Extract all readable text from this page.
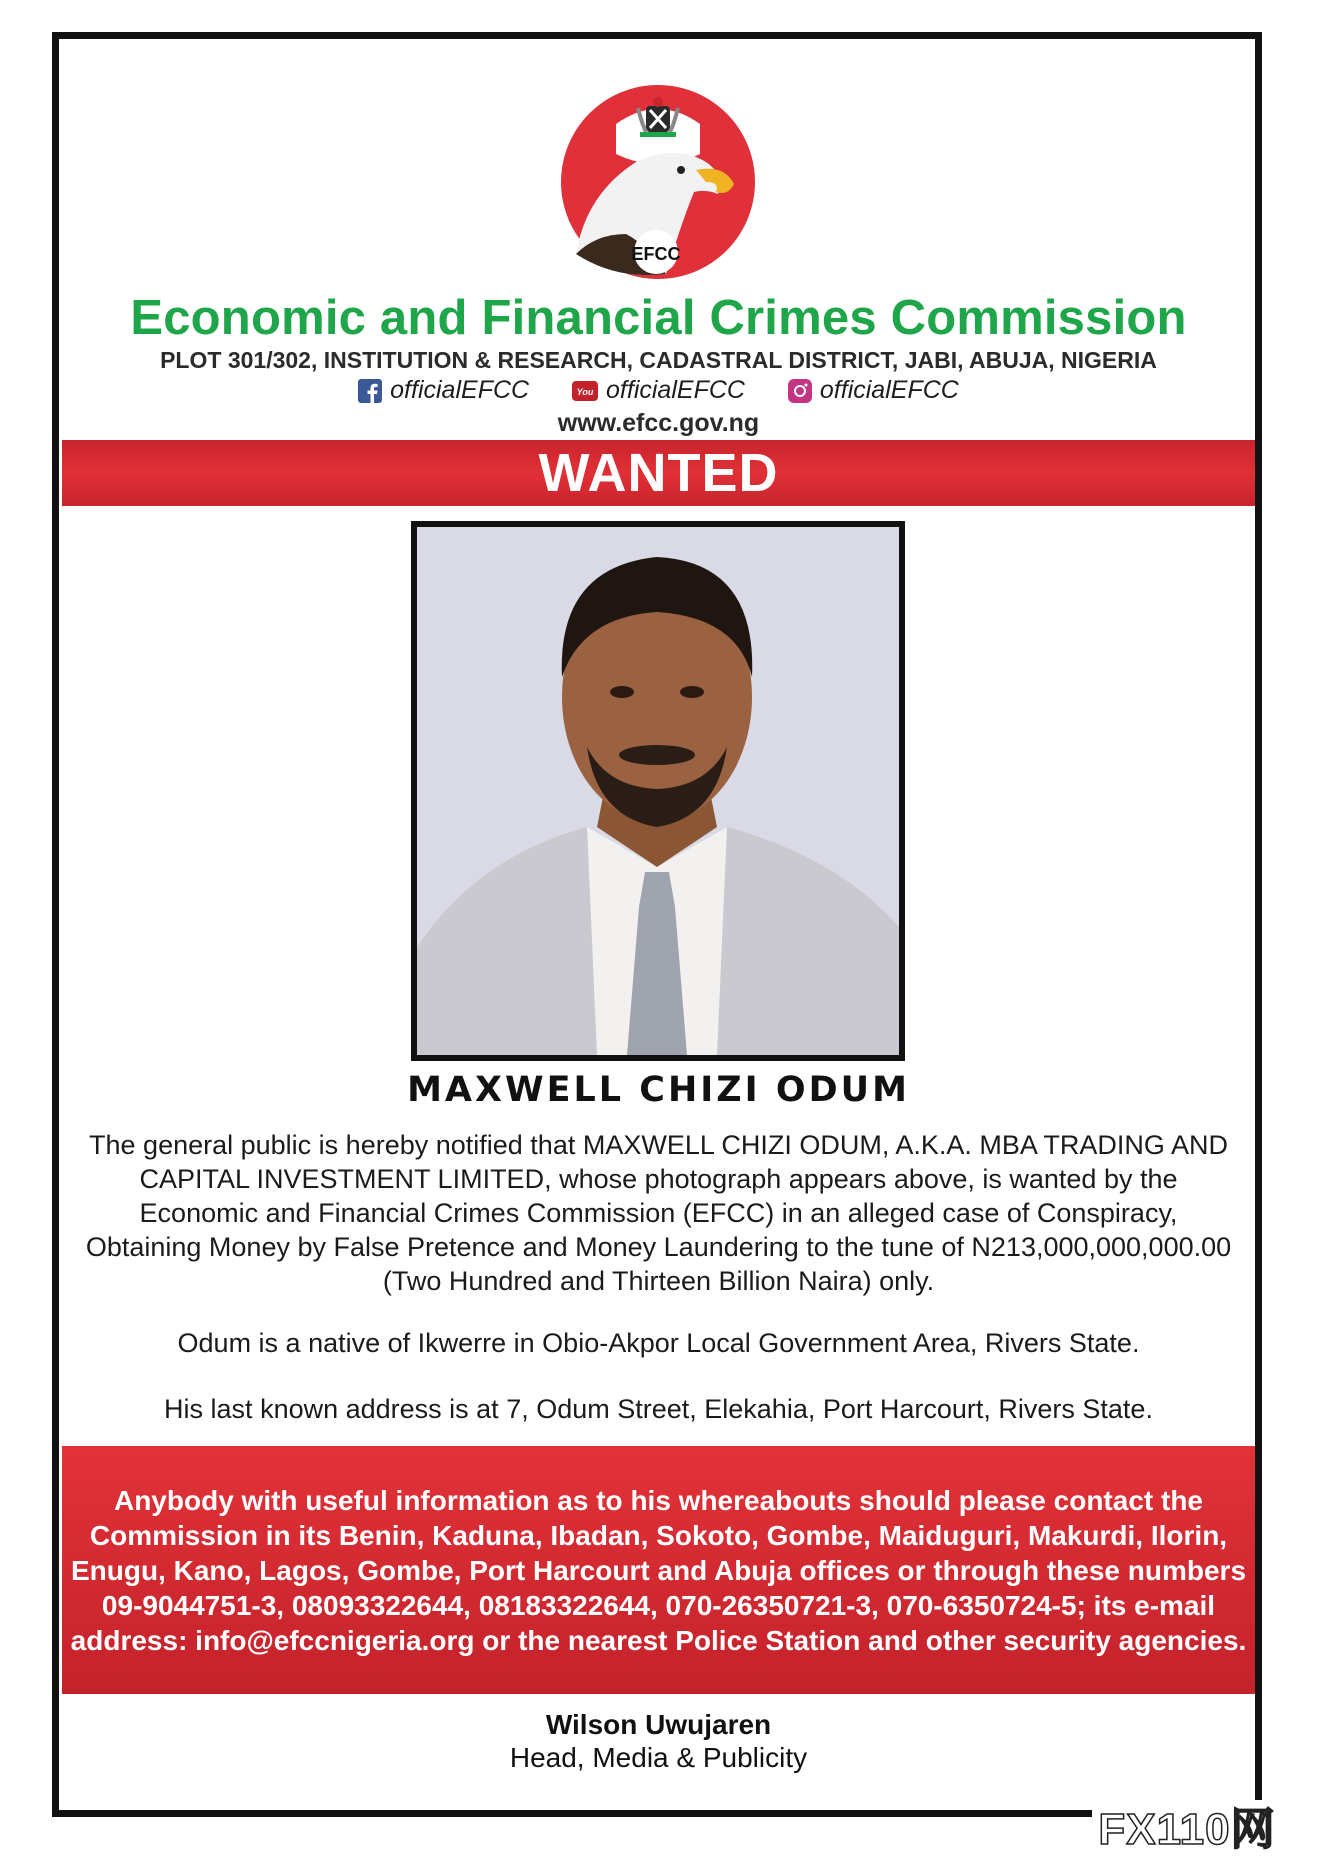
EFCC
Economic and Financial Crimes Commission
PLOT 301/302, INSTITUTION & RESEARCH, CADASTRAL DISTRICT, JABI, ABUJA, NIGERIA
officialEFCC
	You officialEFCC
	officialEFCC
www.efcc.gov.ng
WANTED
MAXWELL CHIZI ODUM
The general public is hereby notified that MAXWELL CHIZI ODUM, A.K.A. MBA TRADING AND CAPITAL INVESTMENT LIMITED, whose photograph appears above, is wanted by the Economic and Financial Crimes Commission (EFCC) in an alleged case of Conspiracy, Obtaining Money by False Pretence and Money Laundering to the tune of N213,000,000,000.00 (Two Hundred and Thirteen Billion Naira) only.
Odum is a native of Ikwerre in Obio-Akpor Local Government Area, Rivers State.
His last known address is at 7, Odum Street, Elekahia, Port Harcourt, Rivers State.
Anybody with useful information as to his whereabouts should please contact the Commission in its Benin, Kaduna, Ibadan, Sokoto, Gombe, Maiduguri, Makurdi, Ilorin, Enugu, Kano, Lagos, Gombe, Port Harcourt and Abuja offices or through these numbers 09-9044751-3, 08093322644, 08183322644, 070-26350721-3, 070-6350724-5; its e-mail address: info@efccnigeria.org or the nearest Police Station and other security agencies.
Wilson Uwujaren
Head, Media & Publicity
FX110网
